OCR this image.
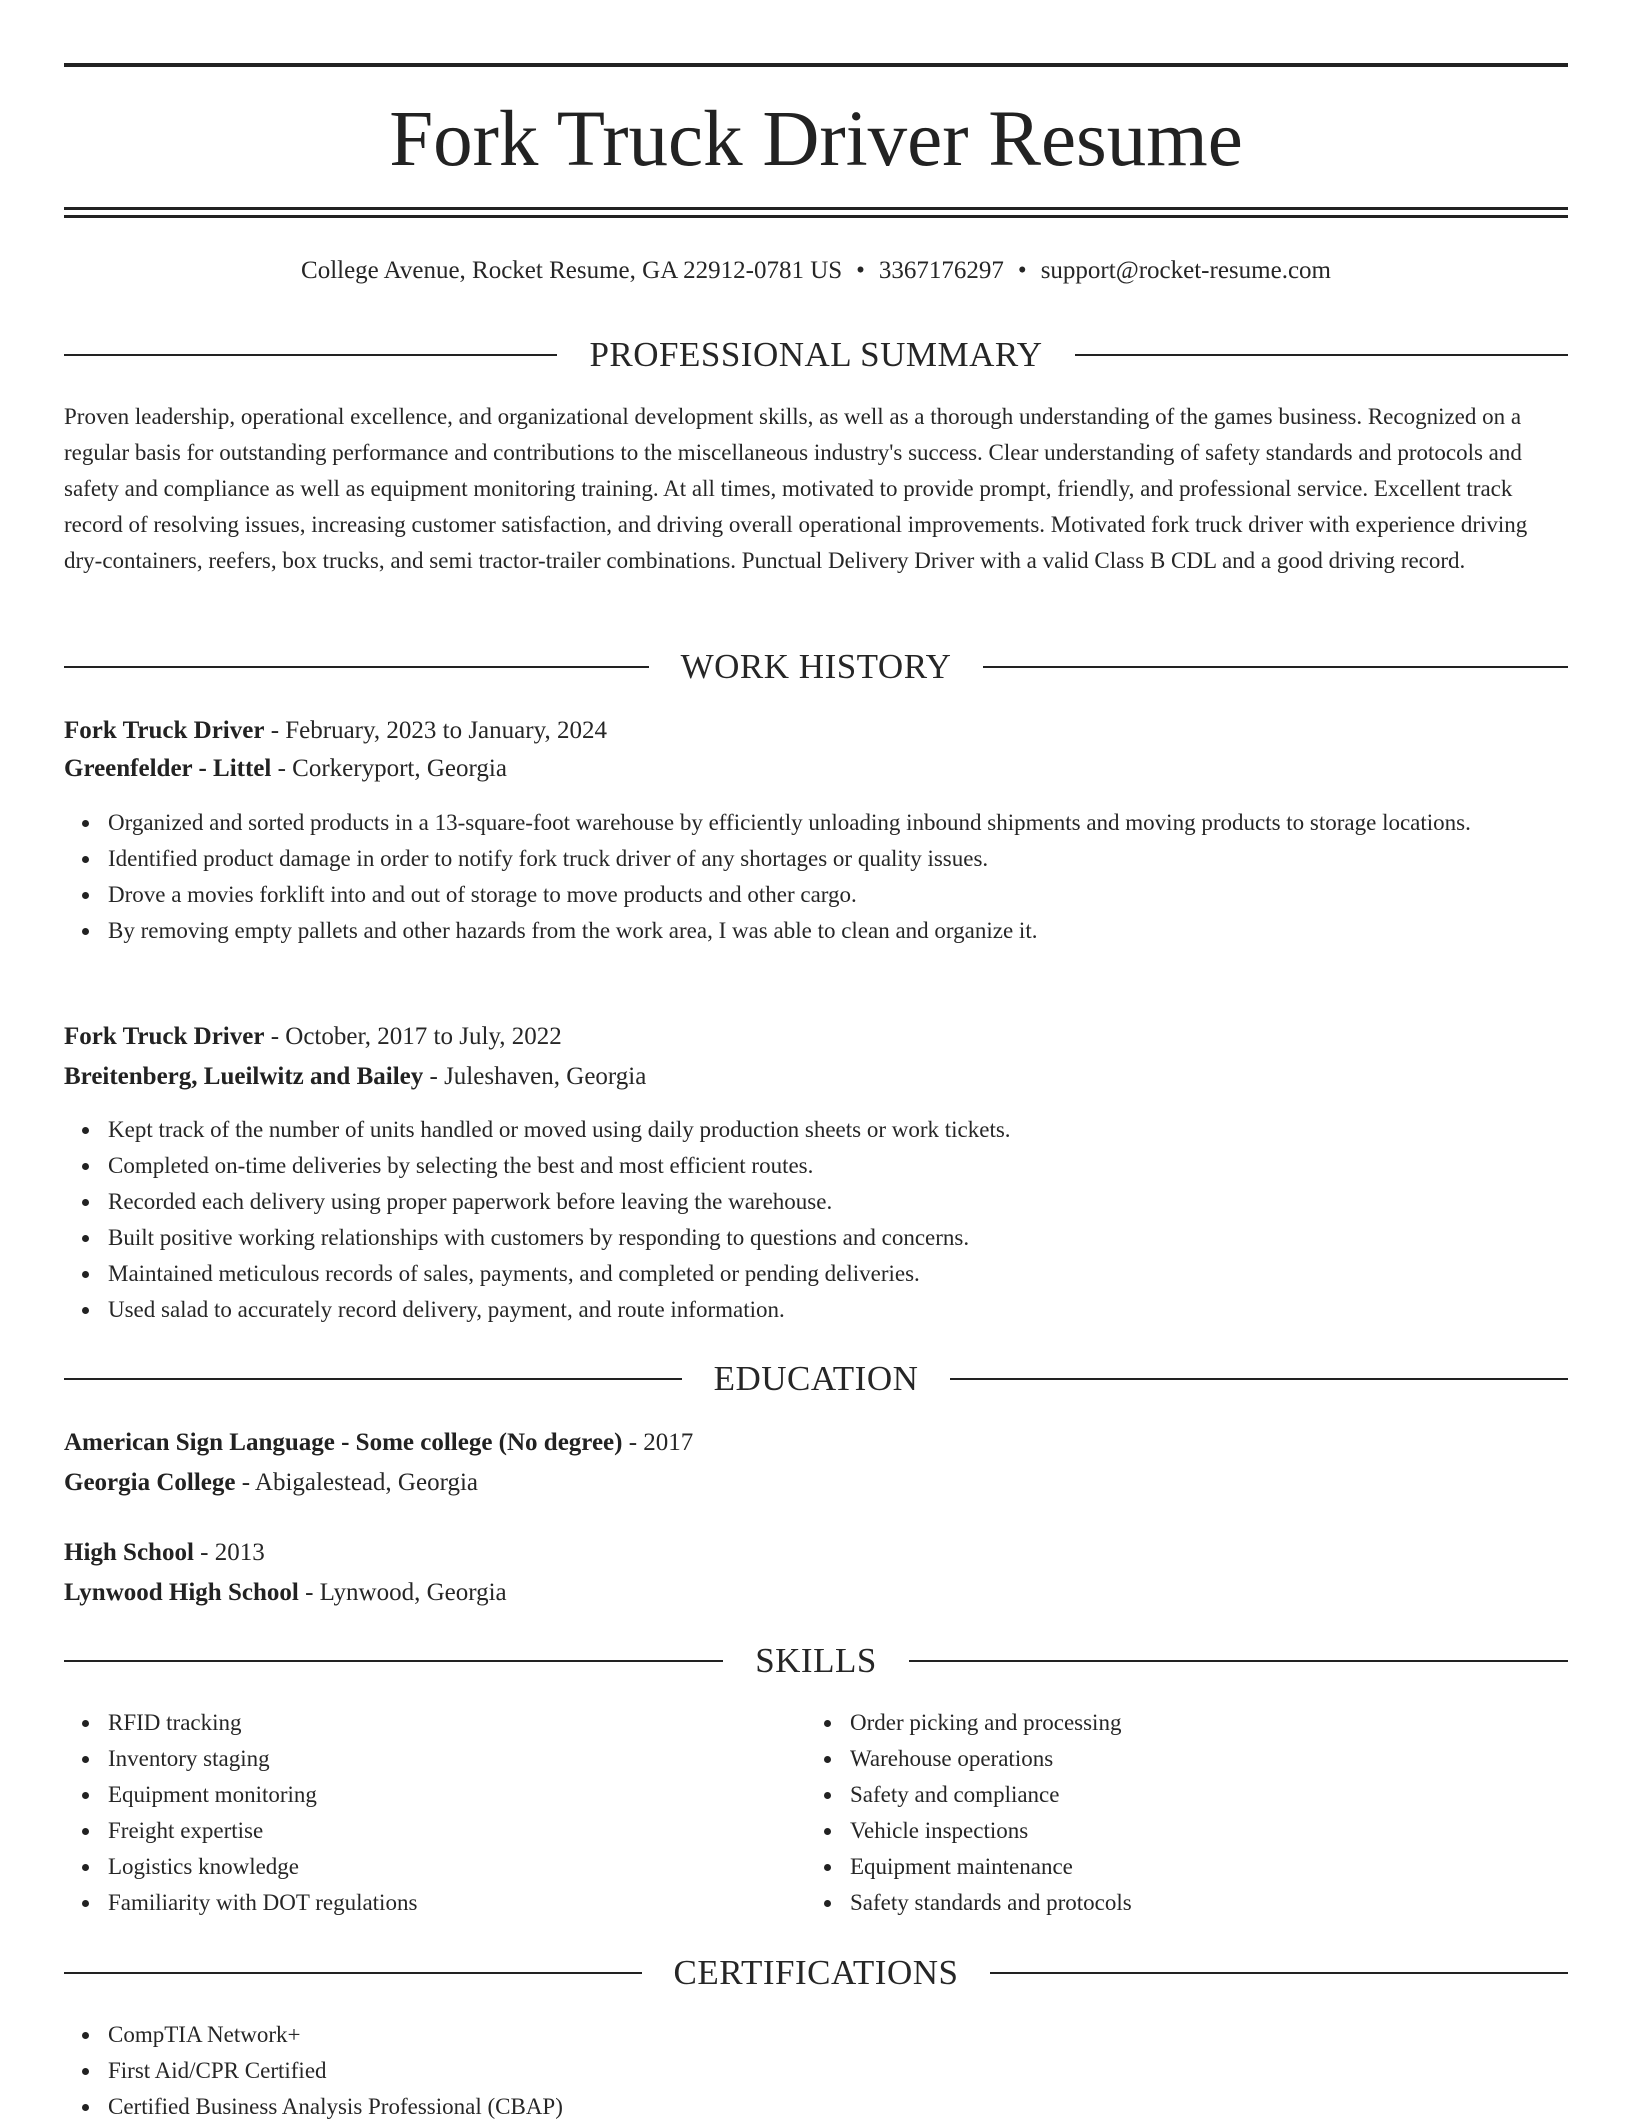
Fork Truck Driver Resume
College Avenue, Rocket Resume, GA 22912-0781 US • 3367176297 • support@rocket-resume.com
PROFESSIONAL SUMMARY
Proven leadership, operational excellence, and organizational development skills, as well as a thorough understanding of the games business. Recognized on a regular basis for outstanding performance and contributions to the miscellaneous industry's success. Clear understanding of safety standards and protocols and safety and compliance as well as equipment monitoring training. At all times, motivated to provide prompt, friendly, and professional service. Excellent track record of resolving issues, increasing customer satisfaction, and driving overall operational improvements. Motivated fork truck driver with experience driving dry-containers, reefers, box trucks, and semi tractor-trailer combinations. Punctual Delivery Driver with a valid Class B CDL and a good driving record.
WORK HISTORY
Fork Truck Driver - February, 2023 to January, 2024
Greenfelder - Littel - Corkeryport, Georgia
Organized and sorted products in a 13-square-foot warehouse by efficiently unloading inbound shipments and moving products to storage locations.
Identified product damage in order to notify fork truck driver of any shortages or quality issues.
Drove a movies forklift into and out of storage to move products and other cargo.
By removing empty pallets and other hazards from the work area, I was able to clean and organize it.
Fork Truck Driver - October, 2017 to July, 2022
Breitenberg, Lueilwitz and Bailey - Juleshaven, Georgia
Kept track of the number of units handled or moved using daily production sheets or work tickets.
Completed on-time deliveries by selecting the best and most efficient routes.
Recorded each delivery using proper paperwork before leaving the warehouse.
Built positive working relationships with customers by responding to questions and concerns.
Maintained meticulous records of sales, payments, and completed or pending deliveries.
Used salad to accurately record delivery, payment, and route information.
EDUCATION
American Sign Language - Some college (No degree) - 2017
Georgia College - Abigalestead, Georgia
High School - 2013
Lynwood High School - Lynwood, Georgia
SKILLS
RFID tracking
Inventory staging
Equipment monitoring
Freight expertise
Logistics knowledge
Familiarity with DOT regulations
Order picking and processing
Warehouse operations
Safety and compliance
Vehicle inspections
Equipment maintenance
Safety standards and protocols
CERTIFICATIONS
CompTIA Network+
First Aid/CPR Certified
Certified Business Analysis Professional (CBAP)
